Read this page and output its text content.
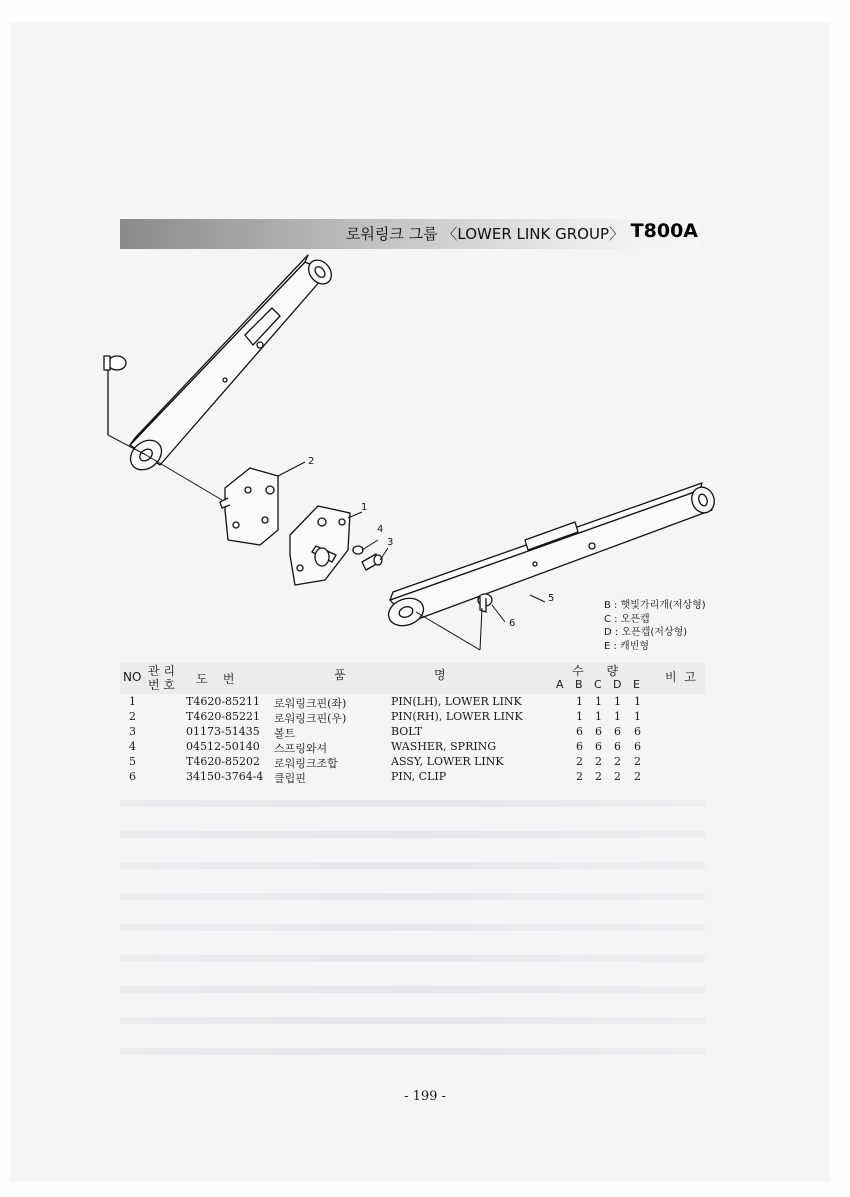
로워링크 그룹 〈LOWER LINK GROUP〉 T800A
2
1
4
3
5
6
B : 햇빛가리개(저상형)
C : 오픈캡
D : 오픈캡(저상형)
E : 캐빈형
NO 관 리
번 호 도    번	품	명	수      량
A B C D E
비  고
1	T4620-85211 로워링크핀(좌)	PIN(LH), LOWER LINK	1 1 1 1
2	T4620-85221 로워링크핀(우)	PIN(RH), LOWER LINK	1 1 1 1
3	01173-51435 볼트	BOLT	6 6 6 6
4	04512-50140 스프링와셔	WASHER, SPRING	6 6 6 6
5	T4620-85202 로워링크조합	ASSY, LOWER LINK	2 2 2 2
6	34150-3764-4 클립핀	PIN, CLIP	2 2 2 2
- 199 -
